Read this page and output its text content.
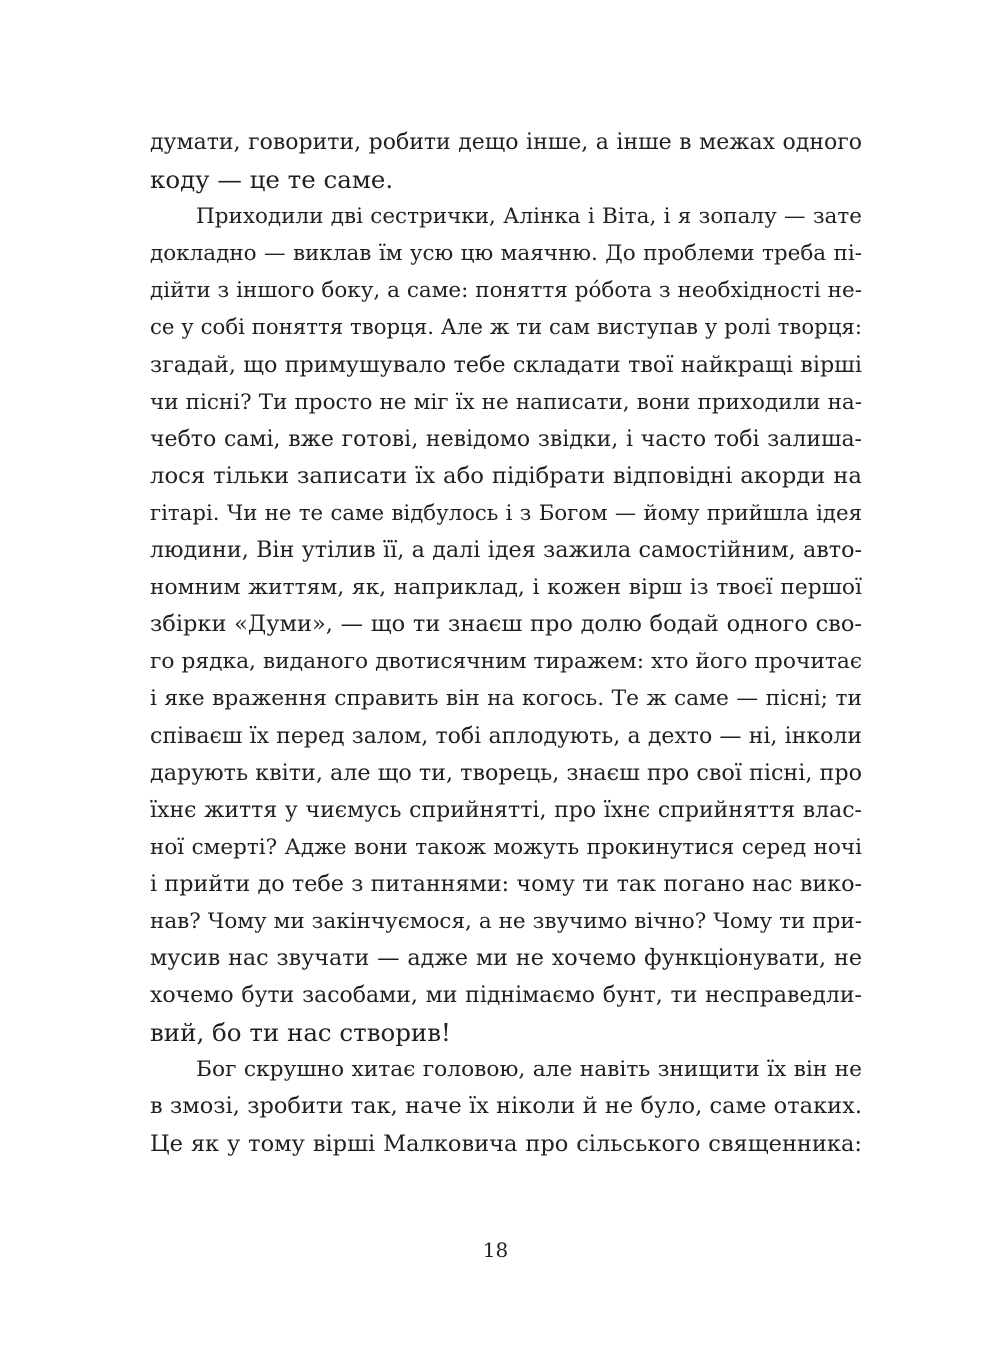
думати, говорити, робити дещо інше, а інше в межах одного
коду — це те саме.
Приходили дві сестрички, Алінка і Віта, і я зопалу — зате
докладно — виклав їм усю цю маячню. До проблеми треба пі-
дійти з іншого боку, а саме: поняття рóбота з необхідності не-
се у собі поняття творця. Але ж ти сам виступав у ролі творця:
згадай, що примушувало тебе складати твої найкращі вірші
чи пісні? Ти просто не міг їх не написати, вони приходили на-
чебто самі, вже готові, невідомо звідки, і часто тобі залиша-
лося тільки записати їх або підібрати відповідні акорди на
гітарі. Чи не те саме відбулось і з Богом — йому прийшла ідея
людини, Він утілив її, а далі ідея зажила самостійним, авто-
номним життям, як, наприклад, і кожен вірш із твоєї першої
збірки «Думи», — що ти знаєш про долю бодай одного сво-
го рядка, виданого двотисячним тиражем: хто його прочитає
і яке враження справить він на когось. Те ж саме — пісні; ти
співаєш їх перед залом, тобі аплодують, а дехто — ні, інколи
дарують квіти, але що ти, творець, знаєш про свої пісні, про
їхнє життя у чиємусь сприйнятті, про їхнє сприйняття влас-
ної смерті? Адже вони також можуть прокинутися серед ночі
і прийти до тебе з питаннями: чому ти так погано нас вико-
нав? Чому ми закінчуємося, а не звучимо вічно? Чому ти при-
мусив нас звучати — адже ми не хочемо функціонувати, не
хочемо бути засобами, ми піднімаємо бунт, ти несправедли-
вий, бо ти нас створив!
Бог скрушно хитає головою, але навіть знищити їх він не
в змозі, зробити так, наче їх ніколи й не було, саме отаких.
Це як у тому вірші Малковича про сільського священника:
18
